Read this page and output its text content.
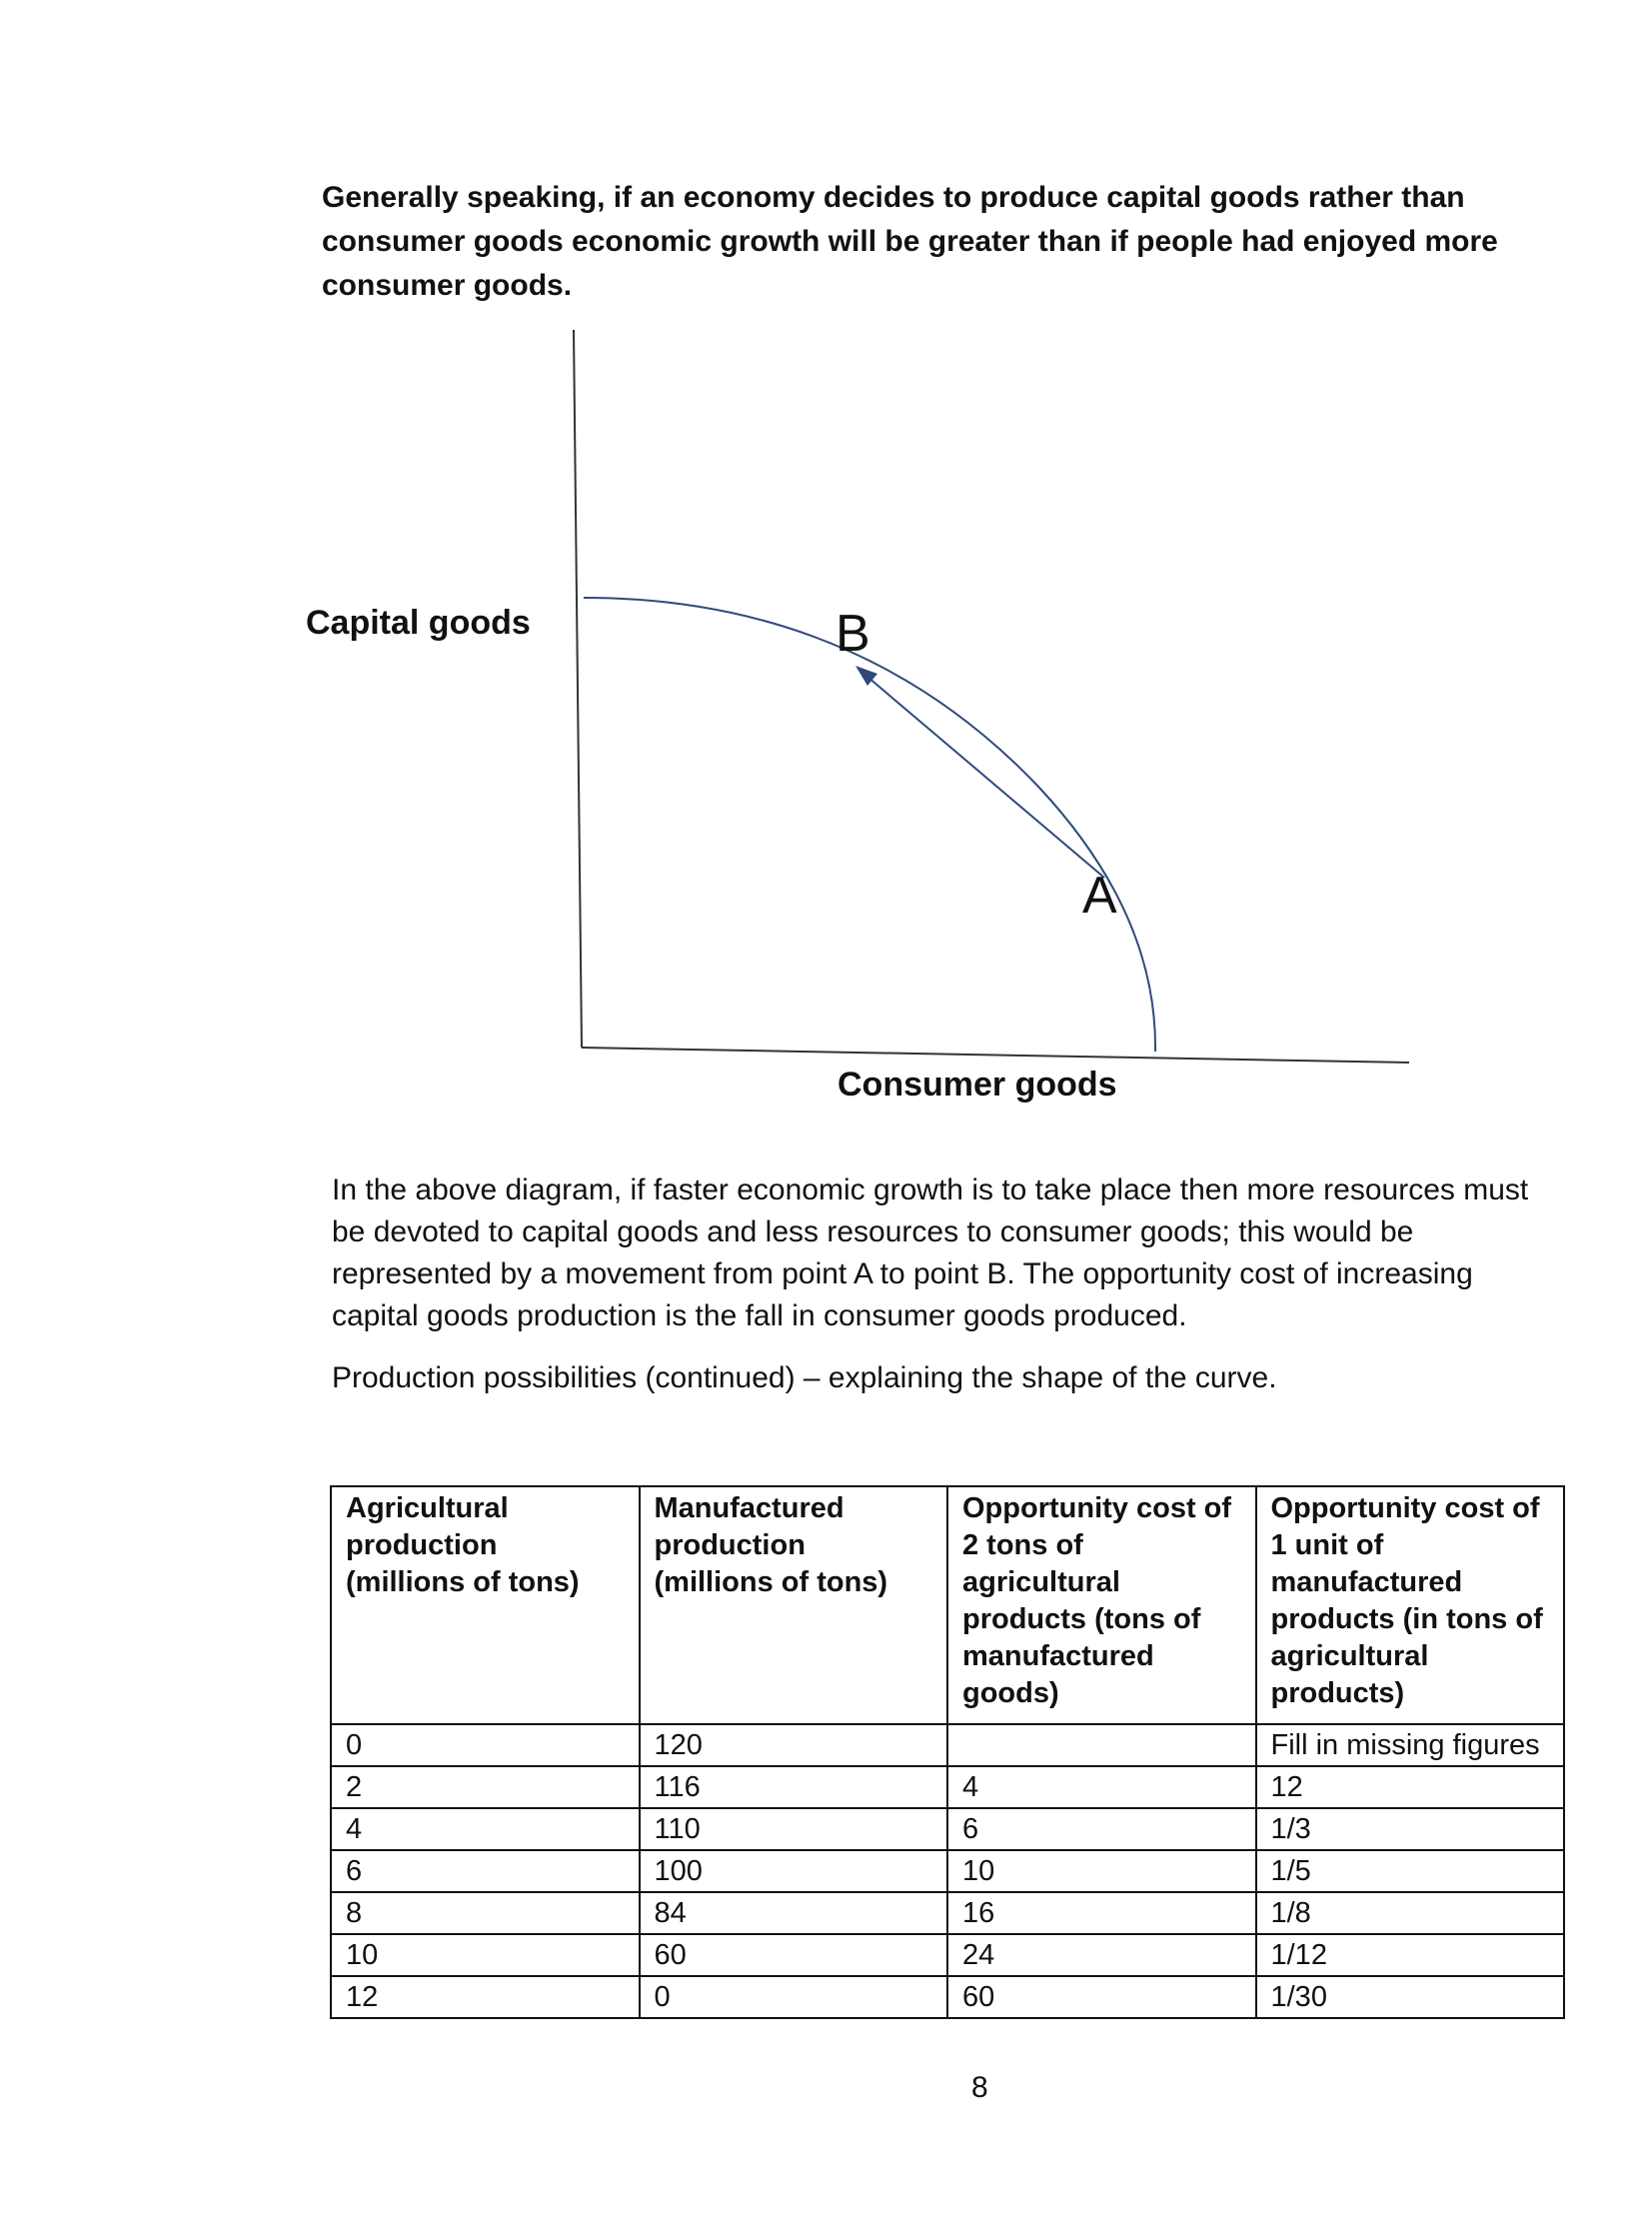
Generally speaking, if an economy decides to produce capital goods rather than consumer goods economic growth will be greater than if people had enjoyed more consumer goods.

Capital goods

Consumer goods

B

A

In the above diagram, if faster economic growth is to take place then more resources must be devoted to capital goods and less resources to consumer goods; this would be represented by a movement from point A to point B. The opportunity cost of increasing capital goods production is the fall in consumer goods produced.

Production possibilities (continued) – explaining the shape of the curve.

Agricultural production (millions of tons)	Manufactured production (millions of tons)	Opportunity cost of 2 tons of agricultural products (tons of manufactured goods)	Opportunity cost of 1 unit of manufactured products (in tons of agricultural products)
0	120		Fill in missing figures
2	116	4	12
4	110	6	1/3
6	100	10	1/5
8	84	16	1/8
10	60	24	1/12
12	0	60	1/30

8
